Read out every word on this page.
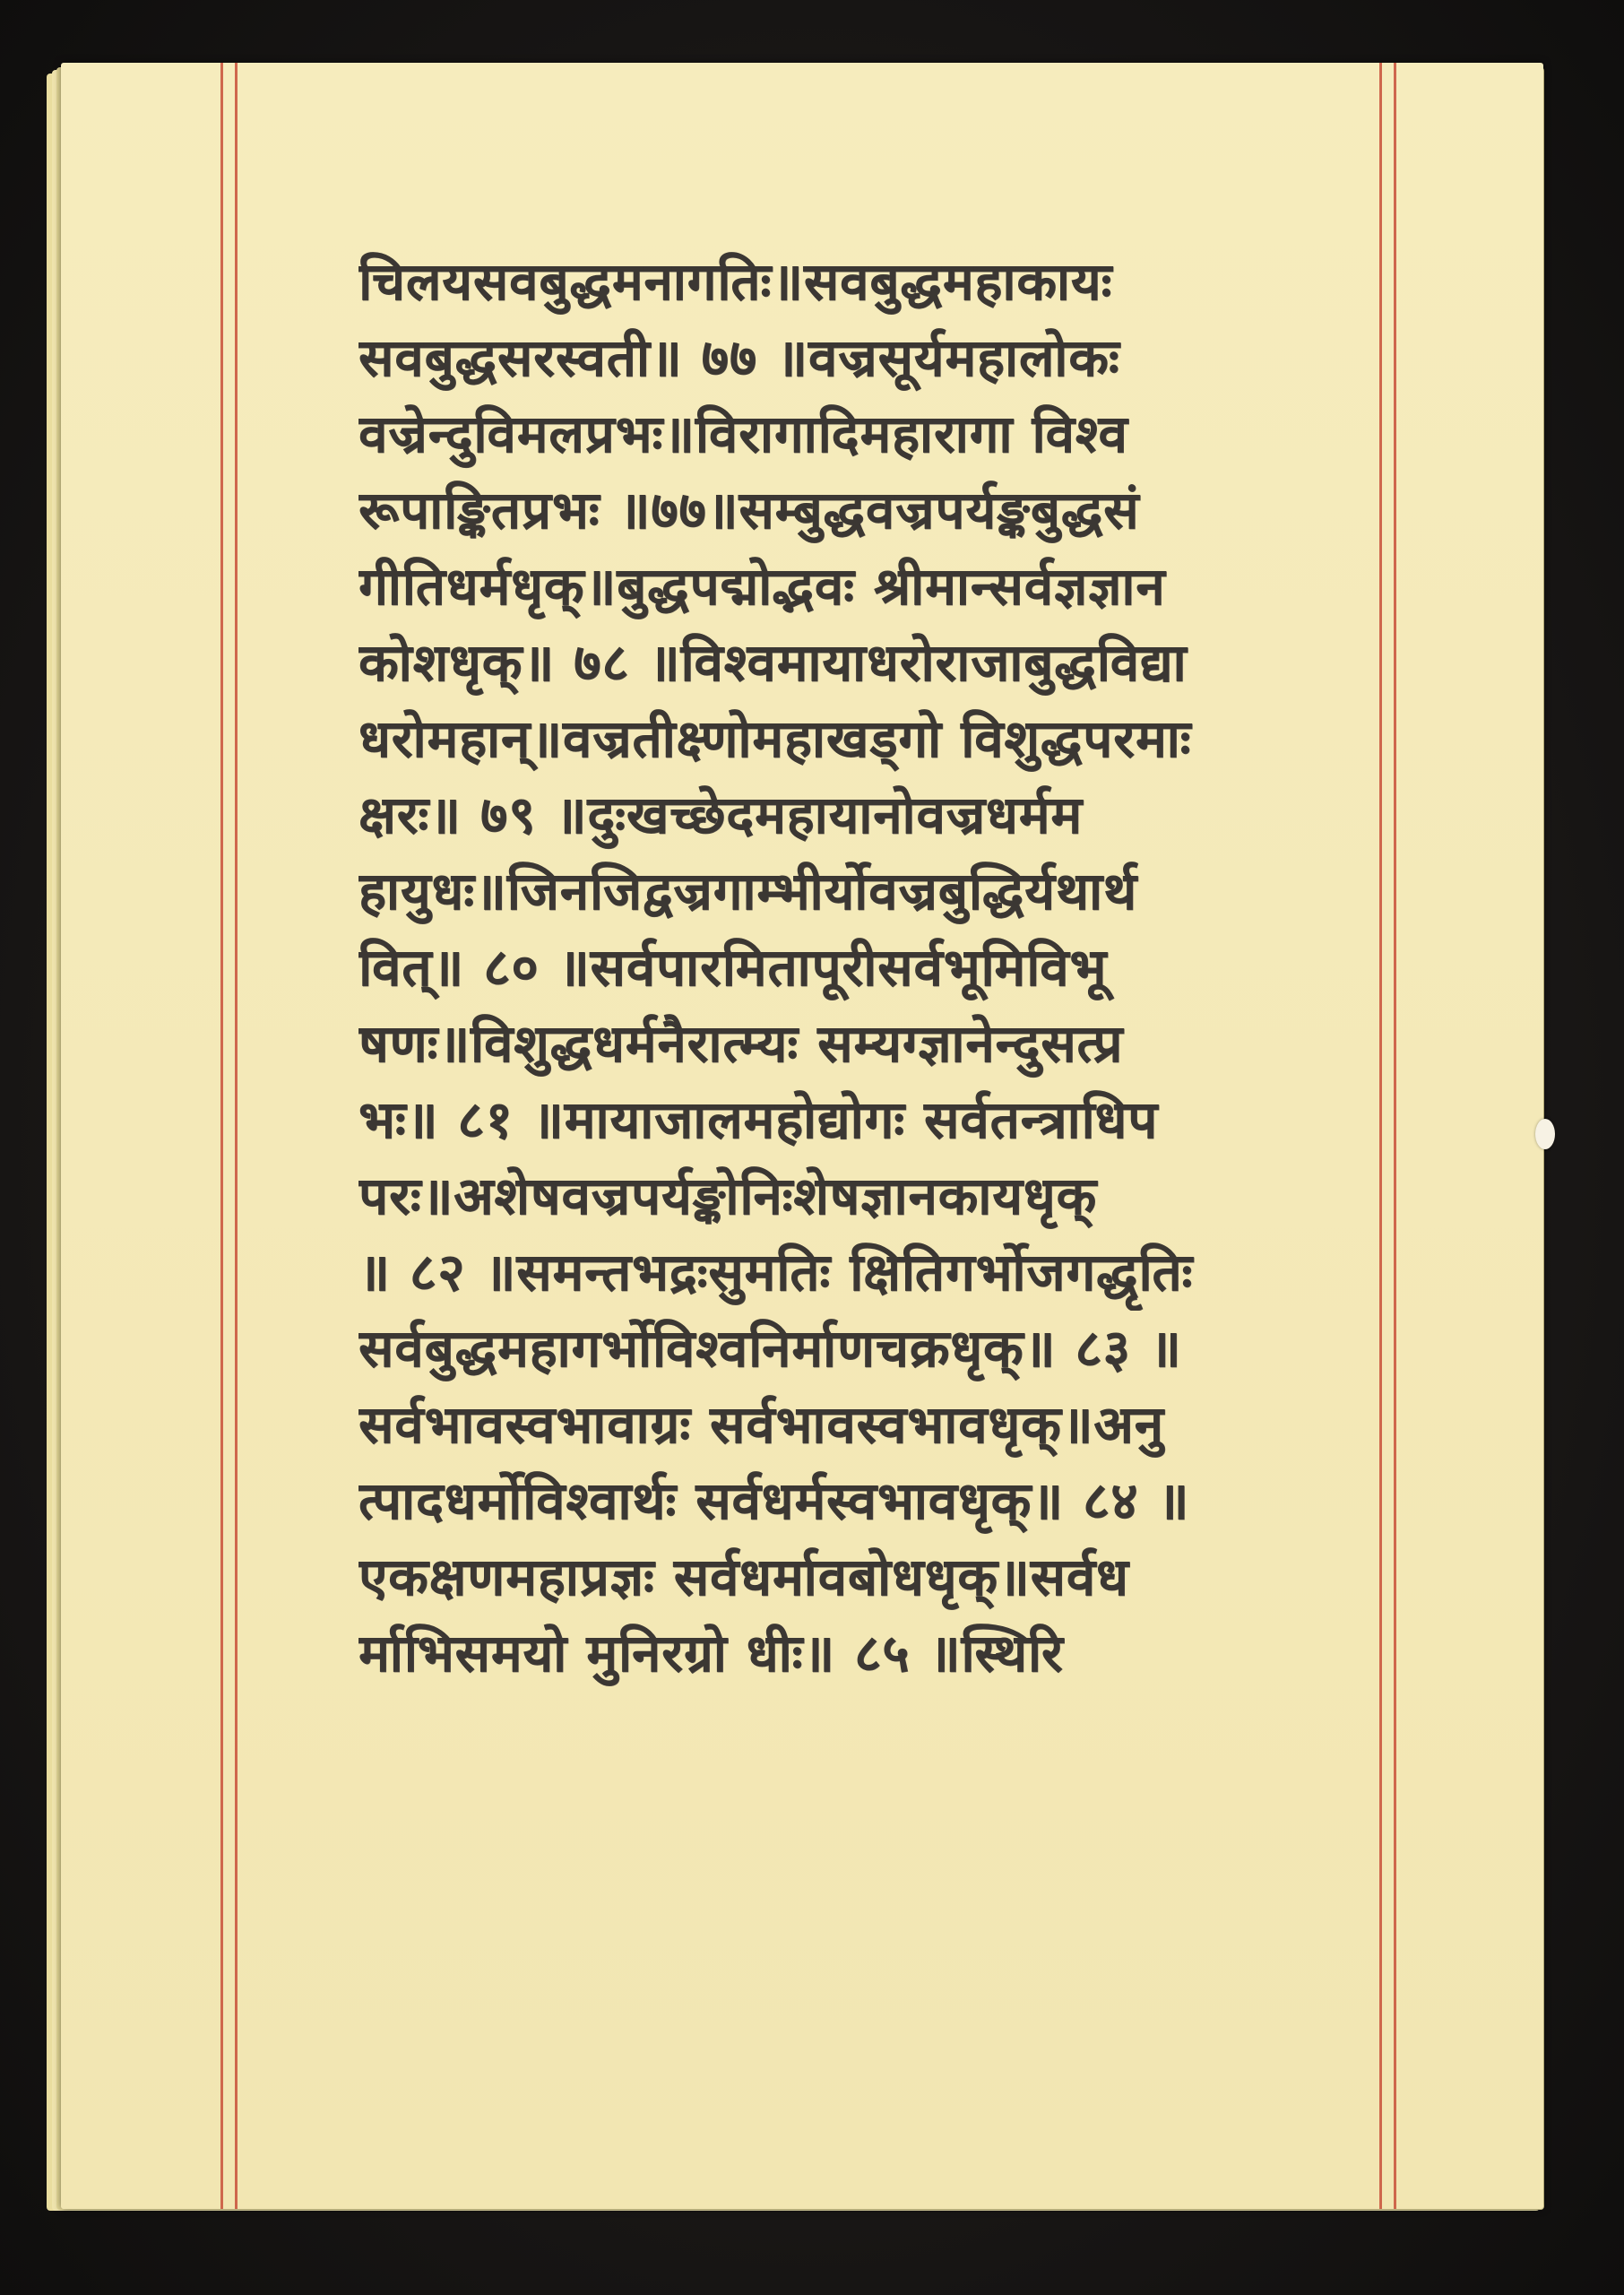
चिलयसवबुद्धमनागतिः॥सवबुद्धमहाकायः
सवबुद्धसरस्वती॥ ७७ ॥वज्रसूर्यमहालोकः
वज्रेन्दुविमलप्रभः॥विरागादिमहारागा विश्व
रूपाङ्कितप्रभः ॥७७॥सम्बुद्धवज्रपर्यङ्कबुद्धसं
गीतिधर्मधृक्॥बुद्धपद्मोद्भवः श्रीमान्सर्वज्ञज्ञान
कोशधृक्॥ ७८ ॥विश्वमायाधरोराजाबुद्धविद्या
धरोमहान्॥वज्रतीक्ष्णोमहाखड्गो विशुद्धपरमाः
क्षरः॥ ७९ ॥दुःखच्छेदमहायानोवज्रधर्मम
हायुधः॥जिनजिद्वज्रगाम्भीर्योवज्रबुद्धिर्यथार्थ
वित्॥ ८० ॥सर्वपारमितापूरीसर्वभूमिविभू
षणः॥विशुद्धधर्मनैरात्म्यः सम्यग्ज्ञानेन्दुसत्प्र
भः॥ ८१ ॥मायाजालमहोद्योगः सर्वतन्त्राधिप
परः॥अशेषवज्रपर्यङ्कोनिःशेषज्ञानकायधृक्
॥ ८२ ॥समन्तभद्रःसुमतिः क्षितिगर्भोजगद्धृतिः
सर्वबुद्धमहागर्भोविश्वनिर्माणचक्रधृक्॥ ८३ ॥
सर्वभावस्वभावाग्रः सर्वभावस्वभावधृक्॥अनु
त्पादधर्मोविश्वार्थः सर्वधर्मस्वभावधृक्॥ ८४ ॥
एकक्षणमहाप्रज्ञः सर्वधर्मावबोधधृक्॥सर्वध
र्माभिसमयो मुनिरग्रो धीः॥ ८५ ॥स्थिरि
